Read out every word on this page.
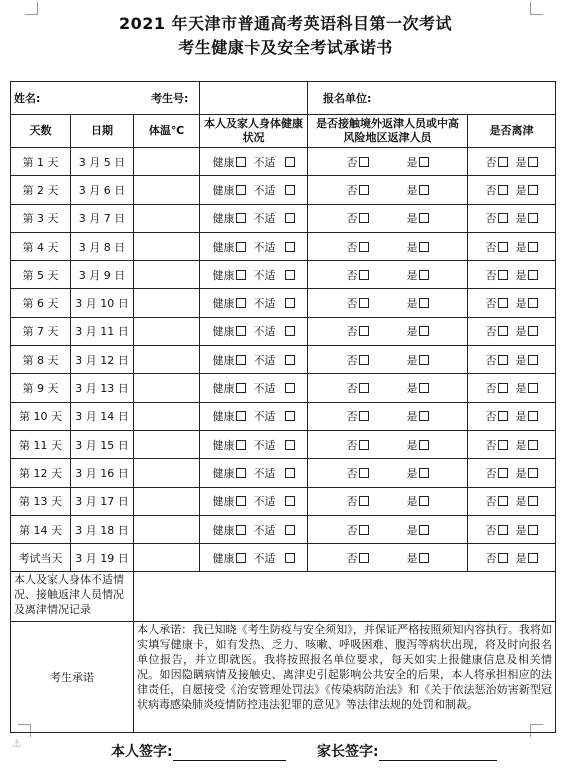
2021 年天津市普通高考英语科目第一次考试
考生健康卡及安全考试承诺书
姓名:			考生号:	报名单位:	
天数	日期	体温℃	本人及家人身体健康状况	是否接触境外返津人员或中高风险地区返津人员	是否离津
第 1 天	3 月 5 日		健康 不适	否 是	否 是
第 2 天	3 月 6 日		健康 不适	否 是	否 是
第 3 天	3 月 7 日		健康 不适	否 是	否 是
第 4 天	3 月 8 日		健康 不适	否 是	否 是
第 5 天	3 月 9 日		健康 不适	否 是	否 是
第 6 天	3 月 10 日		健康 不适	否 是	否 是
第 7 天	3 月 11 日		健康 不适	否 是	否 是
第 8 天	3 月 12 日		健康 不适	否 是	否 是
第 9 天	3 月 13 日		健康 不适	否 是	否 是
第 10 天	3 月 14 日		健康 不适	否 是	否 是
第 11 天	3 月 15 日		健康 不适	否 是	否 是
第 12 天	3 月 16 日		健康 不适	否 是	否 是
第 13 天	3 月 17 日		健康 不适	否 是	否 是
第 14 天	3 月 18 日		健康 不适	否 是	否 是
考试当天	3 月 19 日		健康 不适	否 是	否 是
本人及家人身体不适情况、接触返津人员情况及离津情况记录					
考生承诺		本人承诺：我已知晓《考生防疫与安全须知》，并保证严格按照须知内容执行。我将如实填写健康卡，如有发热、乏力、咳嗽、呼吸困难、腹泻等病状出现，将及时向报名单位报告，并立即就医。我将按照报名单位要求，每天如实上报健康信息及相关情况。如因隐瞒病情及接触史、离津史引起影响公共安全的后果，本人将承担相应的法律责任，自愿接受《治安管理处罚法》《传染病防治法》和《关于依法惩治妨害新型冠状病毒感染肺炎疫情防控违法犯罪的意见》等法律法规的处罚和制裁。			
⚓
本人签字:	家长签字:
